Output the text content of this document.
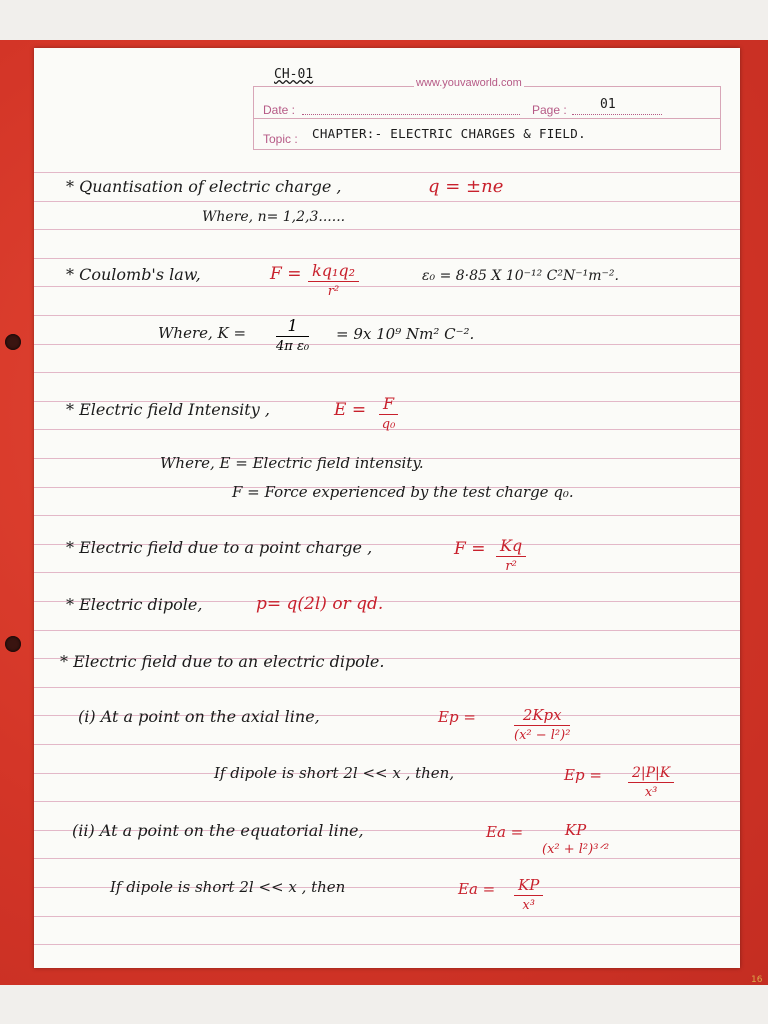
16
CH-01
Date :	Page :	01
Topic : CHAPTER:- ELECTRIC CHARGES & FIELD.
www.youvaworld.com
* Quantisation of electric charge ,	q = ±ne
Where, n= 1,2,3......
* Coulomb's law,	F = kq₁q₂
r²
ε₀ = 8·85 X 10⁻¹² C²N⁻¹m⁻².
Where, K =	1
4π ε₀
= 9x 10⁹ Nm² C⁻².
* Electric field Intensity ,	E = F
q₀
Where, E = Electric field intensity.
F = Force experienced by the test charge q₀.
* Electric field due to a point charge ,	F = Kq
r²
* Electric dipole,	p= q(2l) or qd.
* Electric field due to an electric dipole.
(i) At a point on the axial line,	Ep =	2Kpx
(x² − l²)²
If dipole is short 2l << x , then,	$Ep = \frac{2|P|K}{\text{x³}}$
(ii) At a point on the equatorial line,	Ea =	KP
(x² + l²)³ᐟ²
If dipole is short 2l << x , then	$Ea = \frac{KP}{\text{x³}}$
